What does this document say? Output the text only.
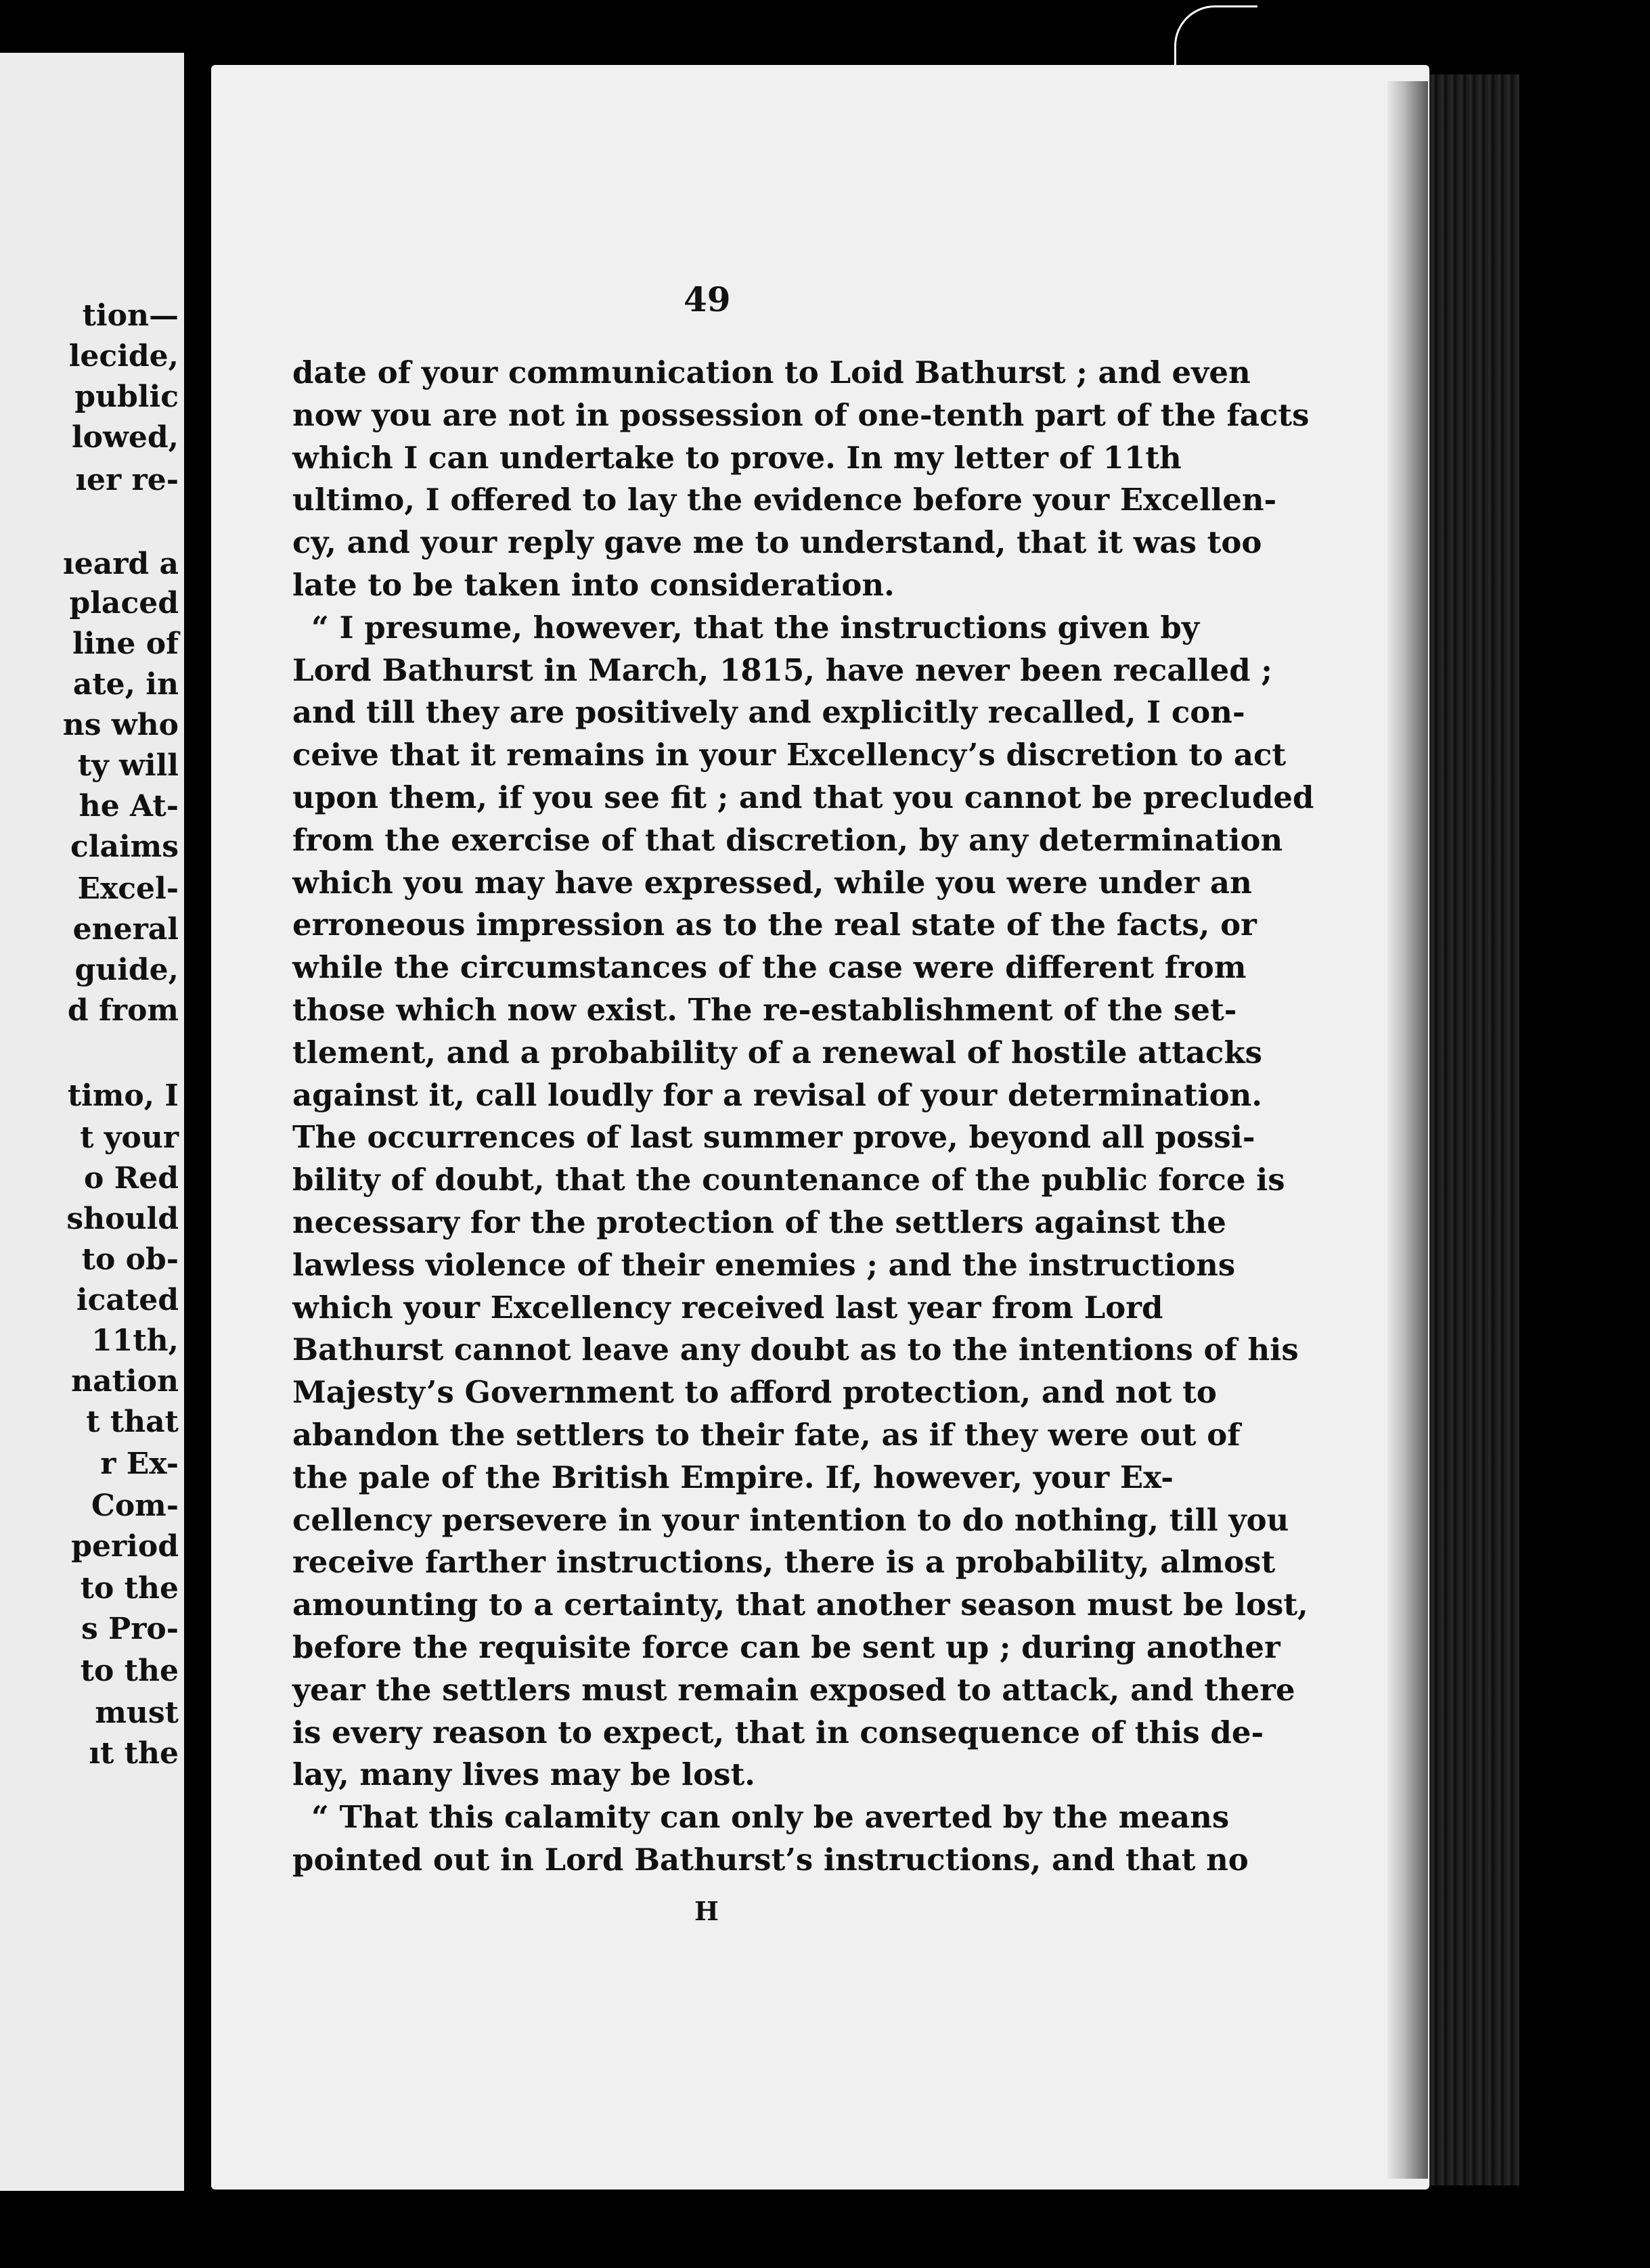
tion—
lecide,
public
lowed,
ıer re-
ıeard a
placed
line of
ate, in
ns who
ty will
he At-
claims
Excel-
eneral
guide,
d from
timo, I
t your
o Red
should
to ob-
icated
11th,
nation
t that
r Ex-
Com-
period
to the
s Pro-
to the
must
ıt the
49
date of your communication to Loid Bathurst ; and even
now you are not in possession of one-tenth part of the facts
which I can undertake to prove. In my letter of 11th
ultimo, I offered to lay the evidence before your Excellen-
cy, and your reply gave me to understand, that it was too
late to be taken into consideration.
“ I presume, however, that the instructions given by
Lord Bathurst in March, 1815, have never been recalled ;
and till they are positively and explicitly recalled, I con-
ceive that it remains in your Excellency’s discretion to act
upon them, if you see fit ; and that you cannot be precluded
from the exercise of that discretion, by any determination
which you may have expressed, while you were under an
erroneous impression as to the real state of the facts, or
while the circumstances of the case were different from
those which now exist. The re-establishment of the set-
tlement, and a probability of a renewal of hostile attacks
against it, call loudly for a revisal of your determination.
The occurrences of last summer prove, beyond all possi-
bility of doubt, that the countenance of the public force is
necessary for the protection of the settlers against the
lawless violence of their enemies ; and the instructions
which your Excellency received last year from Lord
Bathurst cannot leave any doubt as to the intentions of his
Majesty’s Government to afford protection, and not to
abandon the settlers to their fate, as if they were out of
the pale of the British Empire. If, however, your Ex-
cellency persevere in your intention to do nothing, till you
receive farther instructions, there is a probability, almost
amounting to a certainty, that another season must be lost,
before the requisite force can be sent up ; during another
year the settlers must remain exposed to attack, and there
is every reason to expect, that in consequence of this de-
lay, many lives may be lost.
“ That this calamity can only be averted by the means
pointed out in Lord Bathurst’s instructions, and that no
H
